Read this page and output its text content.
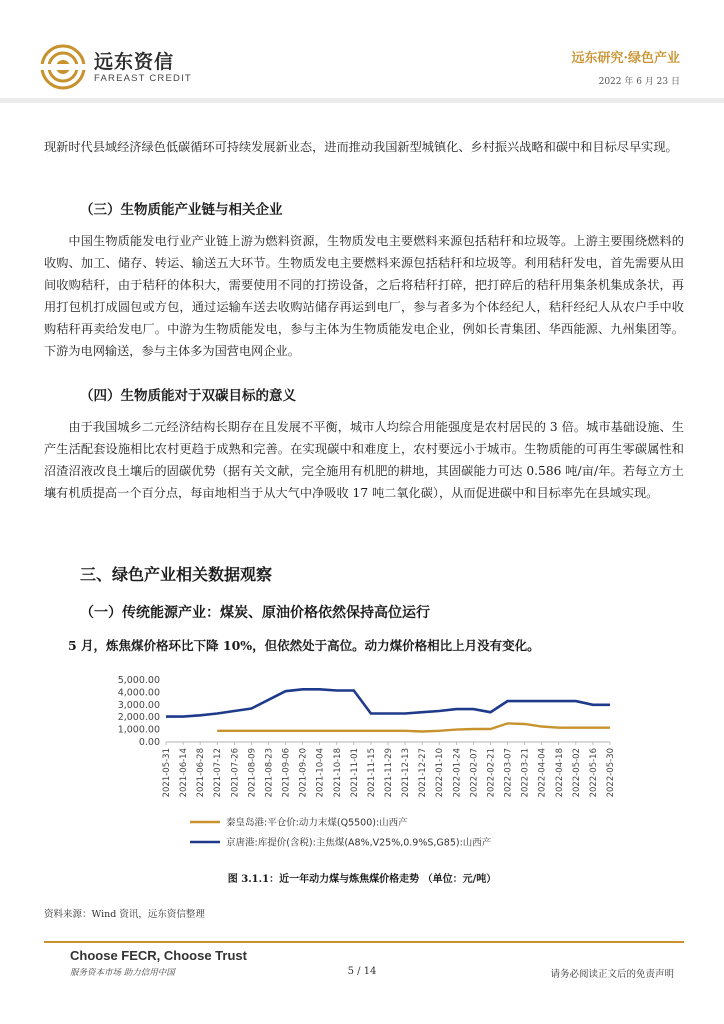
远东资信
FAREAST CREDIT
远东研究·绿色产业
2022 年 6 月 23 日
现新时代县域经济绿色低碳循环可持续发展新业态，进而推动我国新型城镇化、乡村振兴战略和碳中和目标尽早实现。
（三）生物质能产业链与相关企业
中国生物质能发电行业产业链上游为燃料资源，生物质发电主要燃料来源包括秸秆和垃圾等。上游主要围绕燃料的收购、加工、储存、转运、输送五大环节。生物质发电主要燃料来源包括秸秆和垃圾等。利用秸秆发电，首先需要从田间收购秸秆，由于秸秆的体积大，需要使用不同的打捞设备，之后将秸秆打碎，把打碎后的秸秆用集条机集成条状，再用打包机打成圆包或方包，通过运输车送去收购站储存再运到电厂，参与者多为个体经纪人，秸秆经纪人从农户手中收购秸秆再卖给发电厂。中游为生物质能发电，参与主体为生物质能发电企业，例如长青集团、华西能源、九州集团等。下游为电网输送，参与主体多为国营电网企业。
（四）生物质能对于双碳目标的意义
由于我国城乡二元经济结构长期存在且发展不平衡，城市人均综合用能强度是农村居民的 3 倍。城市基础设施、生产生活配套设施相比农村更趋于成熟和完善。在实现碳中和难度上，农村要远小于城市。生物质能的可再生零碳属性和沼渣沼液改良土壤后的固碳优势（据有关文献，完全施用有机肥的耕地，其固碳能力可达 0.586 吨/亩/年。若每立方土壤有机质提高一个百分点，每亩地相当于从大气中净吸收 17 吨二氧化碳），从而促进碳中和目标率先在县域实现。
三、绿色产业相关数据观察
（一）传统能源产业：煤炭、原油价格依然保持高位运行
5 月，炼焦煤价格环比下降 10%，但依然处于高位。动力煤价格相比上月没有变化。
0.00
1,000.00
2,000.00
3,000.00
4,000.00
5,000.00
2021-05-31 2021-06-14 2021-06-28 2021-07-12 2021-07-26 2021-08-09 2021-08-23 2021-09-06 2021-09-20 2021-10-04 2021-10-18 2021-11-01 2021-11-15 2021-11-29 2021-12-13 2021-12-27 2022-01-10 2022-01-24 2022-02-07 2022-02-21 2022-03-07 2022-03-21 2022-04-04 2022-04-18 2022-05-02 2022-05-16 2022-05-30
秦皇岛港:平仓价:动力末煤(Q5500):山西产
京唐港:库提价(含税):主焦煤(A8%,V25%,0.9%S,G85):山西产
图 3.1.1：近一年动力煤与炼焦煤价格走势 （单位：元/吨）
资料来源：Wind 资讯，远东资信整理
Choose FECR, Choose Trust
服务资本市场 助力信用中国	5 / 14	请务必阅读正文后的免责声明
